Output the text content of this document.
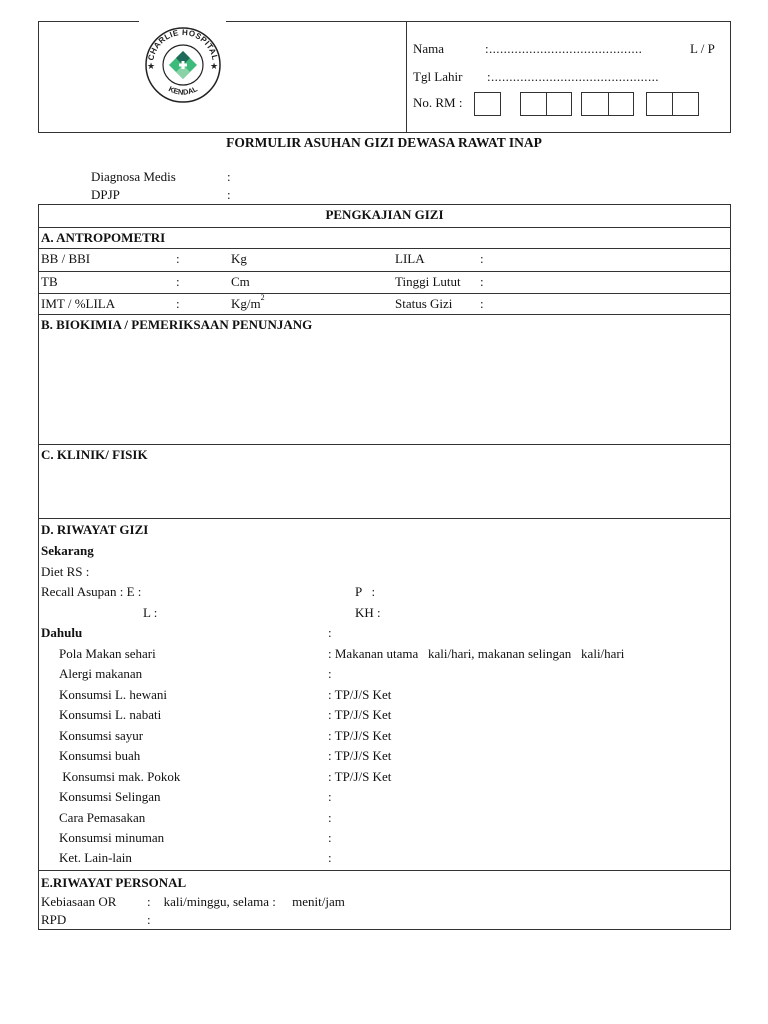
CHARLIE HOSPITAL
KENDAL
★	★
Nama	:..........................................	L / P
Tgl Lahir :..............................................
No. RM :
FORMULIR ASUHAN GIZI DEWASA RAWAT INAP
Diagnosa Medis	:
DPJP	:
PENGKAJIAN GIZI
A. ANTROPOMETRI
BB / BBI	:	Kg	LILA	:
TB	:	Cm	Tinggi Lutut :
IMT / %LILA	:	$Kg/m^2$	Status Gizi :
B. BIOKIMIA / PEMERIKSAAN PENUNJANG
C. KLINIK/ FISIK
D. RIWAYAT GIZI
Sekarang
Diet RS :
Recall Asupan : E :	P   :
L :	KH :
Dahulu	:
Pola Makan sehari	: Makanan utama   kali/hari, makanan selingan   kali/hari
Alergi makanan	:
Konsumsi L. hewani	: TP/J/S Ket
Konsumsi L. nabati	: TP/J/S Ket
Konsumsi sayur	: TP/J/S Ket
Konsumsi buah	: TP/J/S Ket
Konsumsi mak. Pokok	: TP/J/S Ket
Konsumsi Selingan	:
Cara Pemasakan	:
Konsumsi minuman	:
Ket. Lain-lain	:
E.RIWAYAT PERSONAL
Kebiasaan OR :    kali/minggu, selama :     menit/jam
RPD	:
